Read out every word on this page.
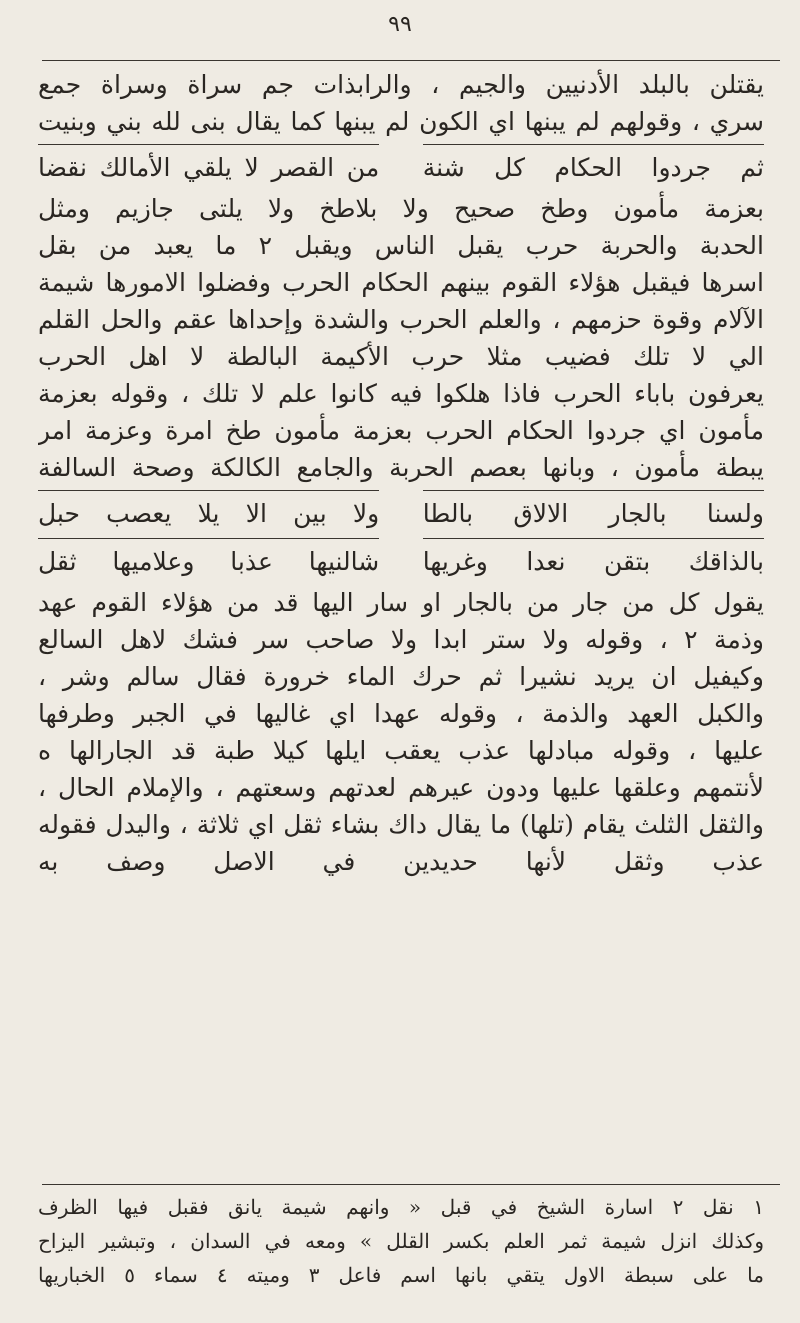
٩٩
يقتلن بالبلد الأدنيين والجيم ، والرابذات جم سراة وسراة جمع
سري ، وقولهم لم يبنها اي الكون لم يبنها كما يقال بنى لله بني وبنيت
ثم جردوا الحكام كل شنة
من القصر لا يلقي الأمالك نقضا
بعزمة مأمون وطخ صحيح ولا بلاطخ ولا يلتى جازيم ومثل
الحدبة والحربة حرب يقبل الناس ويقبل ٢ ما يعبد من بقل
اسرها فيقبل هؤلاء القوم بينهم الحكام الحرب وفضلوا الامورها شيمة
الآلام وقوة حزمهم ، والعلم الحرب والشدة وإحداها عقم والحل القلم
الي لا تلك فضيب مثلا حرب الأكيمة البالطة لا اهل الحرب
يعرفون باباء الحرب فاذا هلكوا فيه كانوا علم لا تلك ، وقوله بعزمة
مأمون اي جردوا الحكام الحرب بعزمة مأمون طخ امرة وعزمة امر
يبطة مأمون ، وبانها بعصم الحربة والجامع الكالكة وصحة السالفة
ولسنا بالجار الالاق بالطا
ولا بين الا يلا يعصب حبل
بالذاقك بتقن نعدا وغريها
شالنيها عذبا وعلاميها ثقل
يقول كل من جار من بالجار او سار اليها قد من هؤلاء القوم عهد
وذمة ٢ ، وقوله ولا ستر ابدا ولا صاحب سر فشك لاهل السالع
وكيفيل ان يريد نشيرا ثم حرك الماء خرورة فقال سالم وشر ،
والكبل العهد والذمة ، وقوله عهدا اي غاليها في الجبر وطرفها
عليها ، وقوله مبادلها عذب يعقب ايلها كيلا طبة قد الجارالها ه
لأنتمهم وعلقها عليها ودون عيرهم لعدتهم وسعتهم ، والإملام الحال ،
والثقل الثلث يقام (تلها) ما يقال داك بشاء ثقل اي ثلاثة ، واليدل فقوله
عذب وثقل لأنها حديدين في الاصل وصف به
١ نقل ٢ اسارة الشيخ في قبل « وانهم شيمة يانق فقبل فيها الظرف
وكذلك انزل شيمة ثمر العلم بكسر القلل » ومعه في السدان ، وتبشير اليزاح
ما على سبطة الاول يتقي بانها اسم فاعل ٣ وميته ٤ سماء ٥ الخباريها
